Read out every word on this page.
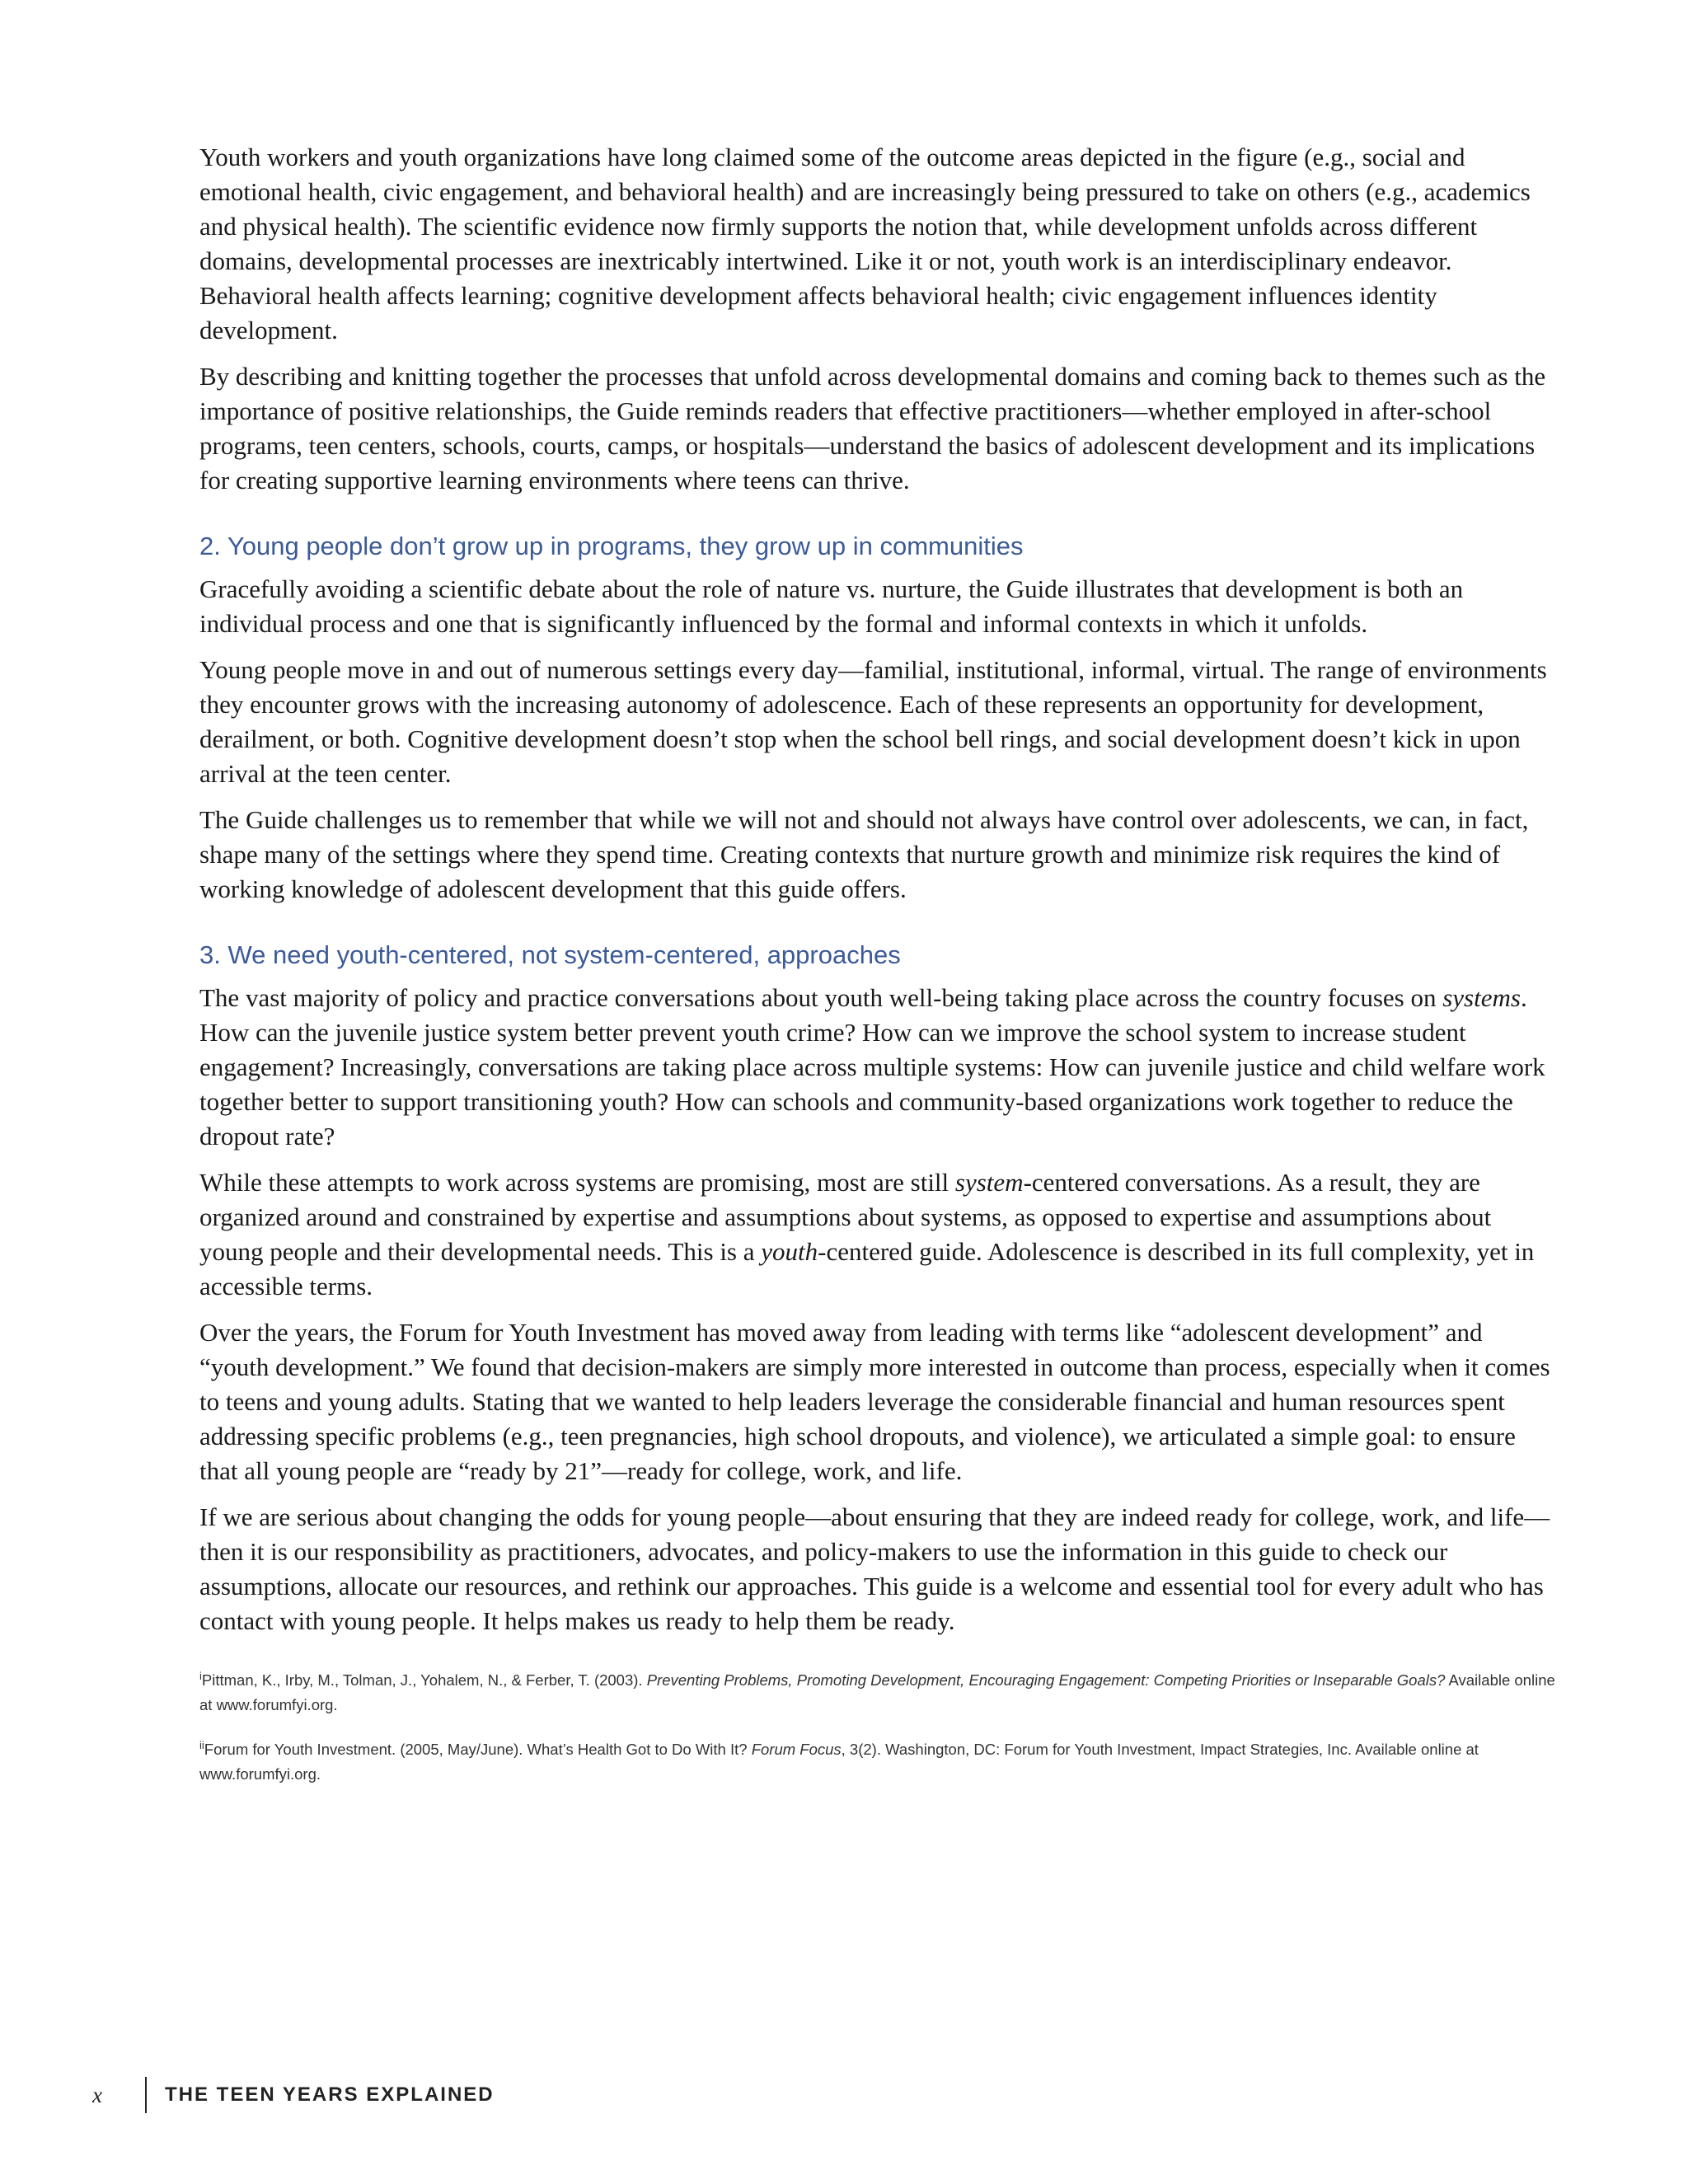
Youth workers and youth organizations have long claimed some of the outcome areas depicted in the figure (e.g., social and emotional health, civic engagement, and behavioral health) and are increasingly being pressured to take on others (e.g., academics and physical health). The scientific evidence now firmly supports the notion that, while development unfolds across different domains, developmental processes are inextricably intertwined. Like it or not, youth work is an interdisciplinary endeavor. Behavioral health affects learning; cognitive development affects behavioral health; civic engagement influences identity development.

By describing and knitting together the processes that unfold across developmental domains and coming back to themes such as the importance of positive relationships, the Guide reminds readers that effective practitioners—whether employed in after-school programs, teen centers, schools, courts, camps, or hospitals—understand the basics of adolescent development and its implications for creating supportive learning environments where teens can thrive.

2. Young people don’t grow up in programs, they grow up in communities

Gracefully avoiding a scientific debate about the role of nature vs. nurture, the Guide illustrates that development is both an individual process and one that is significantly influenced by the formal and informal contexts in which it unfolds.

Young people move in and out of numerous settings every day—familial, institutional, informal, virtual. The range of environments they encounter grows with the increasing autonomy of adolescence. Each of these represents an opportunity for development, derailment, or both. Cognitive development doesn’t stop when the school bell rings, and social development doesn’t kick in upon arrival at the teen center.

The Guide challenges us to remember that while we will not and should not always have control over adolescents, we can, in fact, shape many of the settings where they spend time. Creating contexts that nurture growth and minimize risk requires the kind of working knowledge of adolescent development that this guide offers.

3. We need youth-centered, not system-centered, approaches

The vast majority of policy and practice conversations about youth well-being taking place across the country focuses on systems. How can the juvenile justice system better prevent youth crime? How can we improve the school system to increase student engagement? Increasingly, conversations are taking place across multiple systems: How can juvenile justice and child welfare work together better to support transitioning youth? How can schools and community-based organizations work together to reduce the dropout rate?

While these attempts to work across systems are promising, most are still system-centered conversations. As a result, they are organized around and constrained by expertise and assumptions about systems, as opposed to expertise and assumptions about young people and their developmental needs. This is a youth-centered guide. Adolescence is described in its full complexity, yet in accessible terms.

Over the years, the Forum for Youth Investment has moved away from leading with terms like “adolescent development” and “youth development.” We found that decision-makers are simply more interested in outcome than process, especially when it comes to teens and young adults. Stating that we wanted to help leaders leverage the considerable financial and human resources spent addressing specific problems (e.g., teen pregnancies, high school dropouts, and violence), we articulated a simple goal: to ensure that all young people are “ready by 21”—ready for college, work, and life.

If we are serious about changing the odds for young people—about ensuring that they are indeed ready for college, work, and life—then it is our responsibility as practitioners, advocates, and policy-makers to use the information in this guide to check our assumptions, allocate our resources, and rethink our approaches. This guide is a welcome and essential tool for every adult who has contact with young people. It helps makes us ready to help them be ready.

$^i$Pittman, K., Irby, M., Tolman, J., Yohalem, N., & Ferber, T. (2003). Preventing Problems, Promoting Development, Encouraging Engagement: Competing Priorities or Inseparable Goals? Available online at www.forumfyi.org.

$^{ii}$Forum for Youth Investment. (2005, May/June). What’s Health Got to Do With It? Forum Focus, 3(2). Washington, DC: Forum for Youth Investment, Impact Strategies, Inc. Available online at www.forumfyi.org.

x	THE TEEN YEARS EXPLAINED
